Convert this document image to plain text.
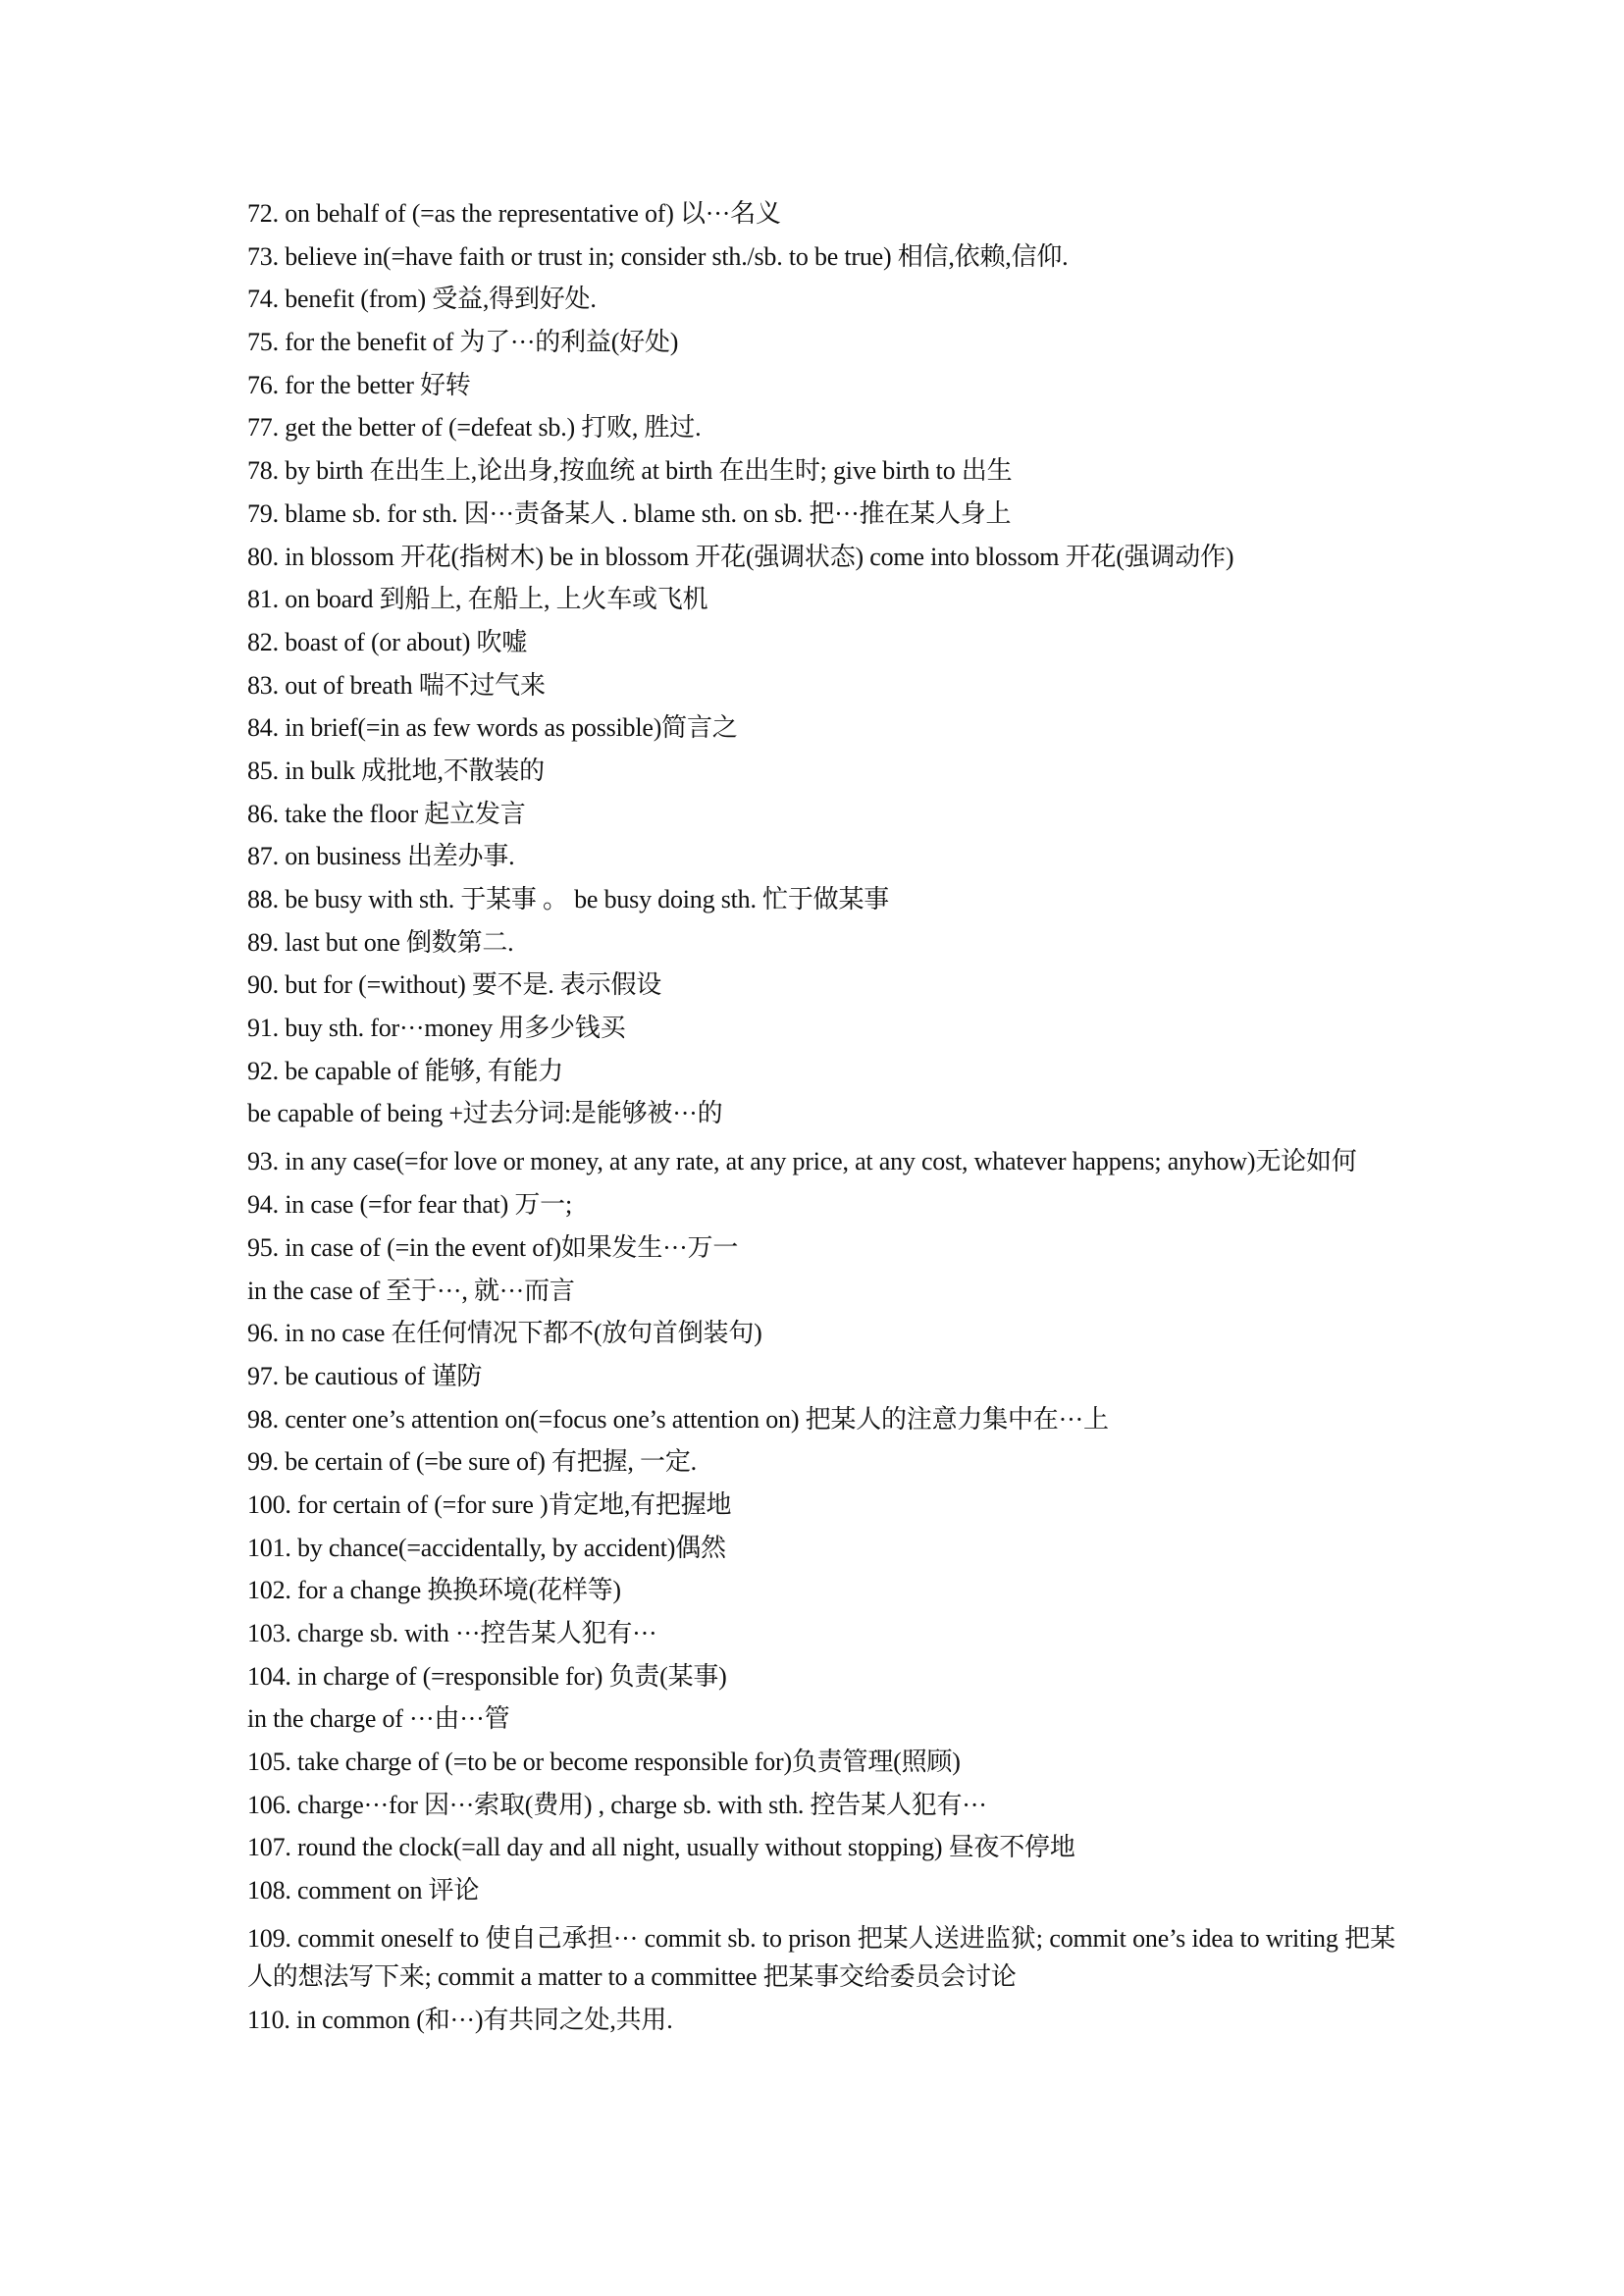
72. on behalf of (=as the representative of) 以···名义
73. believe in(=have faith or trust in; consider sth./sb. to be true) 相信,依赖,信仰.
74. benefit (from) 受益,得到好处.
75. for the benefit of 为了···的利益(好处)
76. for the better 好转
77. get the better of (=defeat sb.) 打败, 胜过.
78. by birth 在出生上,论出身,按血统 at birth 在出生时; give birth to 出生
79. blame sb. for sth. 因···责备某人 . blame sth. on sb. 把···推在某人身上
80. in blossom 开花(指树木) be in blossom 开花(强调状态) come into blossom 开花(强调动作)
81. on board 到船上, 在船上, 上火车或飞机
82. boast of (or about) 吹嘘
83. out of breath 喘不过气来
84. in brief(=in as few words as possible)简言之
85. in bulk 成批地,不散装的
86. take the floor 起立发言
87. on business 出差办事.
88. be busy with sth. 于某事 。 be busy doing sth. 忙于做某事
89. last but one 倒数第二.
90. but for (=without) 要不是. 表示假设
91. buy sth. for···money 用多少钱买
92. be capable of 能够, 有能力
be capable of being +过去分词:是能够被···的
93. in any case(=for love or money, at any rate, at any price, at any cost, whatever happens; anyhow)无论如何
94. in case (=for fear that) 万一;
95. in case of (=in the event of)如果发生···万一
in the case of 至于···, 就···而言
96. in no case 在任何情况下都不(放句首倒装句)
97. be cautious of 谨防
98. center one’s attention on(=focus one’s attention on) 把某人的注意力集中在···上
99. be certain of (=be sure of) 有把握, 一定.
100. for certain of (=for sure )肯定地,有把握地
101. by chance(=accidentally, by accident)偶然
102. for a change 换换环境(花样等)
103. charge sb. with ···控告某人犯有···
104. in charge of (=responsible for) 负责(某事)
in the charge of ···由···管
105. take charge of (=to be or become responsible for)负责管理(照顾)
106. charge···for 因···索取(费用) , charge sb. with sth. 控告某人犯有···
107. round the clock(=all day and all night, usually without stopping) 昼夜不停地
108. comment on 评论
109. commit oneself to 使自己承担··· commit sb. to prison 把某人送进监狱; commit one’s idea to writing 把某人的想法写下来; commit a matter to a committee 把某事交给委员会讨论
110. in common (和···)有共同之处,共用.
